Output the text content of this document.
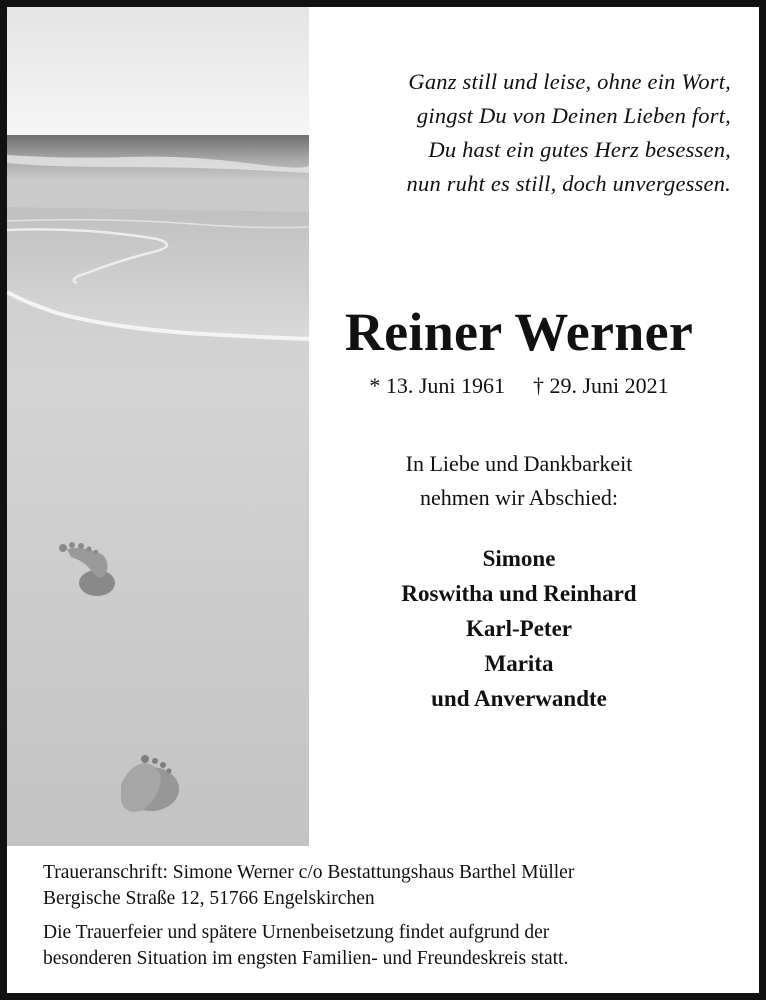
Ganz still und leise, ohne ein Wort,
gingst Du von Deinen Lieben fort,
Du hast ein gutes Herz besessen,
nun ruht es still, doch unvergessen.
Reiner Werner
* 13. Juni 1961 † 29. Juni 2021
In Liebe und Dankbarkeit
nehmen wir Abschied:
Simone
Roswitha und Reinhard
Karl-Peter
Marita
und Anverwandte
Traueranschrift: Simone Werner c/o Bestattungshaus Barthel Müller
Bergische Straße 12, 51766 Engelskirchen
Die Trauerfeier und spätere Urnenbeisetzung findet aufgrund der
besonderen Situation im engsten Familien- und Freundeskreis statt.
